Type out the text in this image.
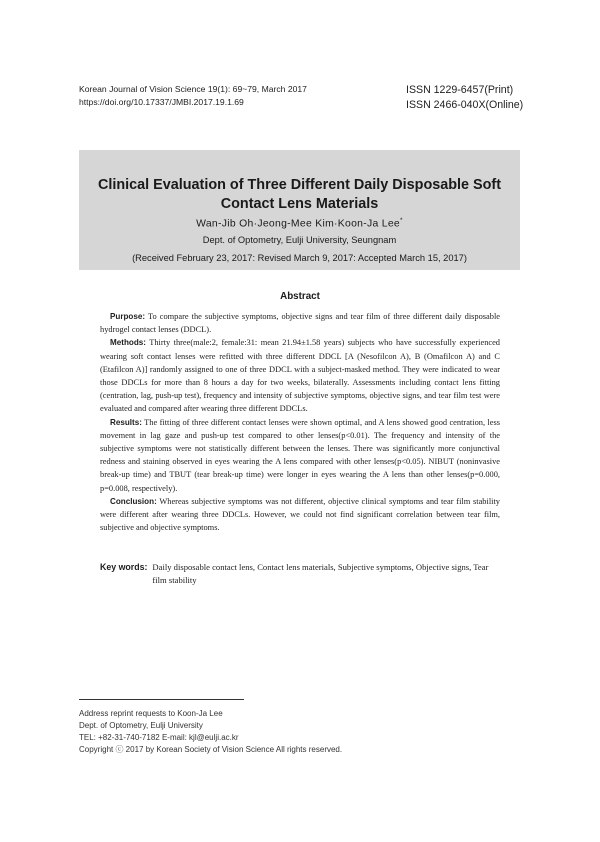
Korean Journal of Vision Science 19(1): 69~79, March 2017
https://doi.org/10.17337/JMBI.2017.19.1.69
ISSN 1229-6457(Print)
ISSN 2466-040X(Online)
Clinical Evaluation of Three Different Daily Disposable Soft
Contact Lens Materials
Wan-Jib Oh·Jeong-Mee Kim·Koon-Ja Lee*
Dept. of Optometry, Eulji University, Seungnam
(Received February 23, 2017: Revised March 9, 2017: Accepted March 15, 2017)
Abstract

Purpose: To compare the subjective symptoms, objective signs and tear film of three different daily disposable hydrogel contact lenses (DDCL).

Methods: Thirty three(male:2, female:31: mean 21.94±1.58 years) subjects who have successfully experienced wearing soft contact lenses were refitted with three different DDCL [A (Nesofilcon A), B (Omafilcon A) and C (Etafilcon A)] randomly assigned to one of three DDCL with a subject-masked method. They were indicated to wear those DDCLs for more than 8 hours a day for two weeks, bilaterally. Assessments including contact lens fitting (centration, lag, push-up test), frequency and intensity of subjective symptoms, objective signs, and tear film test were evaluated and compared after wearing three different DDCLs.

Results: The fitting of three different contact lenses were shown optimal, and A lens showed good centration, less movement in lag gaze and push-up test compared to other lenses(p<0.01). The frequency and intensity of the subjective symptoms were not statistically different between the lenses. There was significantly more conjunctival redness and staining observed in eyes wearing the A lens compared with other lenses(p<0.05). NIBUT (noninvasive break-up time) and TBUT (tear break-up time) were longer in eyes wearing the A lens than other lenses(p=0.000, p=0.008, respectively).

Conclusion: Whereas subjective symptoms was not different, objective clinical symptoms and tear film stability were different after wearing three DDCLs. However, we could not find significant correlation between tear film, subjective and objective symptoms.

Key words: Daily disposable contact lens, Contact lens materials, Subjective symptoms, Objective signs, Tear film stability
Address reprint requests to Koon-Ja Lee
Dept. of Optometry, Eulji University
TEL: +82-31-740-7182 E-mail: kjl@eulji.ac.kr
Copyright ⓒ 2017 by Korean Society of Vision Science All rights reserved.
